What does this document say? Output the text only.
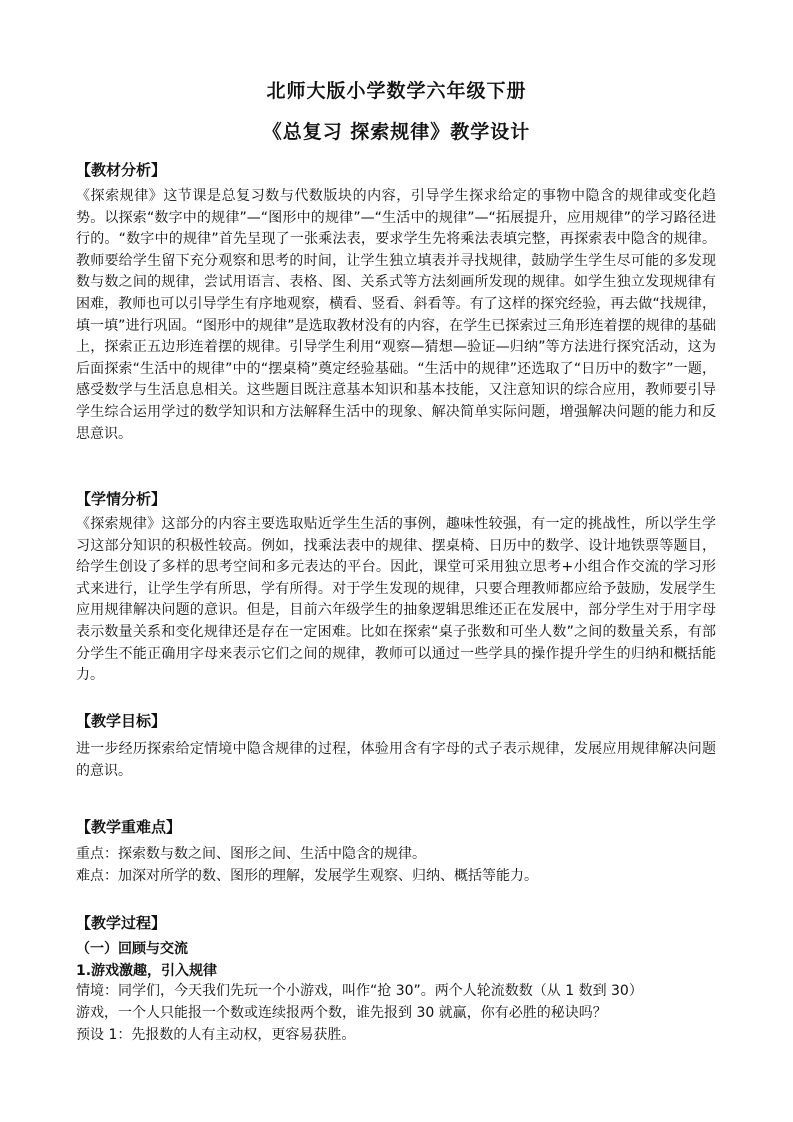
北师大版小学数学六年级下册
《总复习 探索规律》教学设计
【教材分析】

《探索规律》这节课是总复习数与代数版块的内容，引导学生探求给定的事物中隐含的规律或变化趋势。以探索“数字中的规律”—“图形中的规律”—“生活中的规律”—“拓展提升，应用规律”的学习路径进行的。“数字中的规律”首先呈现了一张乘法表，要求学生先将乘法表填完整，再探索表中隐含的规律。教师要给学生留下充分观察和思考的时间，让学生独立填表并寻找规律，鼓励学生学生尽可能的多发现数与数之间的规律，尝试用语言、表格、图、关系式等方法刻画所发现的规律。如学生独立发现规律有困难，教师也可以引导学生有序地观察，横看、竖看、斜看等。有了这样的探究经验，再去做“找规律，填一填”进行巩固。“图形中的规律”是选取教材没有的内容，在学生已探索过三角形连着摆的规律的基础上，探索正五边形连着摆的规律。引导学生利用“观察—猜想—验证—归纳”等方法进行探究活动，这为后面探索“生活中的规律”中的“摆桌椅”奠定经验基础。“生活中的规律”还选取了“日历中的数字”一题，感受数学与生活息息相关。这些题目既注意基本知识和基本技能，又注意知识的综合应用，教师要引导 学生综合运用学过的数学知识和方法解释生活中的现象、解决简单实际问题，增强解决问题的能力和反思意识。

【学情分析】

《探索规律》这部分的内容主要选取贴近学生生活的事例，趣味性较强，有一定的挑战性，所以学生学习这部分知识的积极性较高。例如，找乘法表中的规律、摆桌椅、日历中的数学、设计地铁票等题目，给学生创设了多样的思考空间和多元表达的平台。因此，课堂可采用独立思考+小组合作交流的学习形式来进行，让学生学有所思，学有所得。对于学生发现的规律，只要合理教师都应给予鼓励，发展学生应用规律解决问题的意识。但是，目前六年级学生的抽象逻辑思维还正在发展中，部分学生对于用字母表示数量关系和变化规律还是存在一定困难。比如在探索“桌子张数和可坐人数”之间的数量关系，有部分学生不能正确用字母来表示它们之间的规律，教师可以通过一些学具的操作提升学生的归纳和概括能力。

【教学目标】

进一步经历探索给定情境中隐含规律的过程，体验用含有字母的式子表示规律，发展应用规律解决问题的意识。

【教学重难点】

重点：探索数与数之间、图形之间、生活中隐含的规律。

难点：加深对所学的数、图形的理解，发展学生观察、归纳、概括等能力。

【教学过程】
（一）回顾与交流
1.游戏激趣，引入规律

情境：同学们，今天我们先玩一个小游戏，叫作“抢 30”。两个人轮流数数（从 1 数到 30）

游戏，一个人只能报一个数或连续报两个数，谁先报到 30 就赢，你有必胜的秘诀吗？

预设 1：先报数的人有主动权，更容易获胜。
